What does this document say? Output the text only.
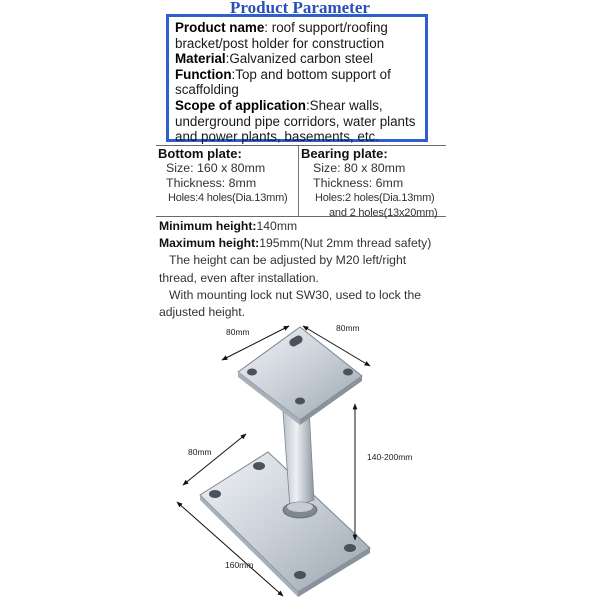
Product Parameter

Product name: roof support/roofing bracket/post holder for construction

Material:Galvanized carbon steel

Function:Top and bottom support of scaffolding

Scope of application:Shear walls, underground pipe corridors, water plants and power plants, basements, etc.

Bottom plate:
Size: 160 x 80mm
Thickness: 8mm
Holes:4 holes(Dia.13mm)
Bearing plate:
Size: 80 x 80mm
Thickness: 6mm
Holes:2 holes(Dia.13mm)
and 2 holes(13x20mm)
Minimum height:140mm
Maximum height:195mm(Nut 2mm thread safety)
The height can be adjusted by M20 left/right
thread, even after installation.
With mounting lock nut SW30, used to lock the
adjusted height.
80mm	80mm
140-200mm
80mm
160mm
